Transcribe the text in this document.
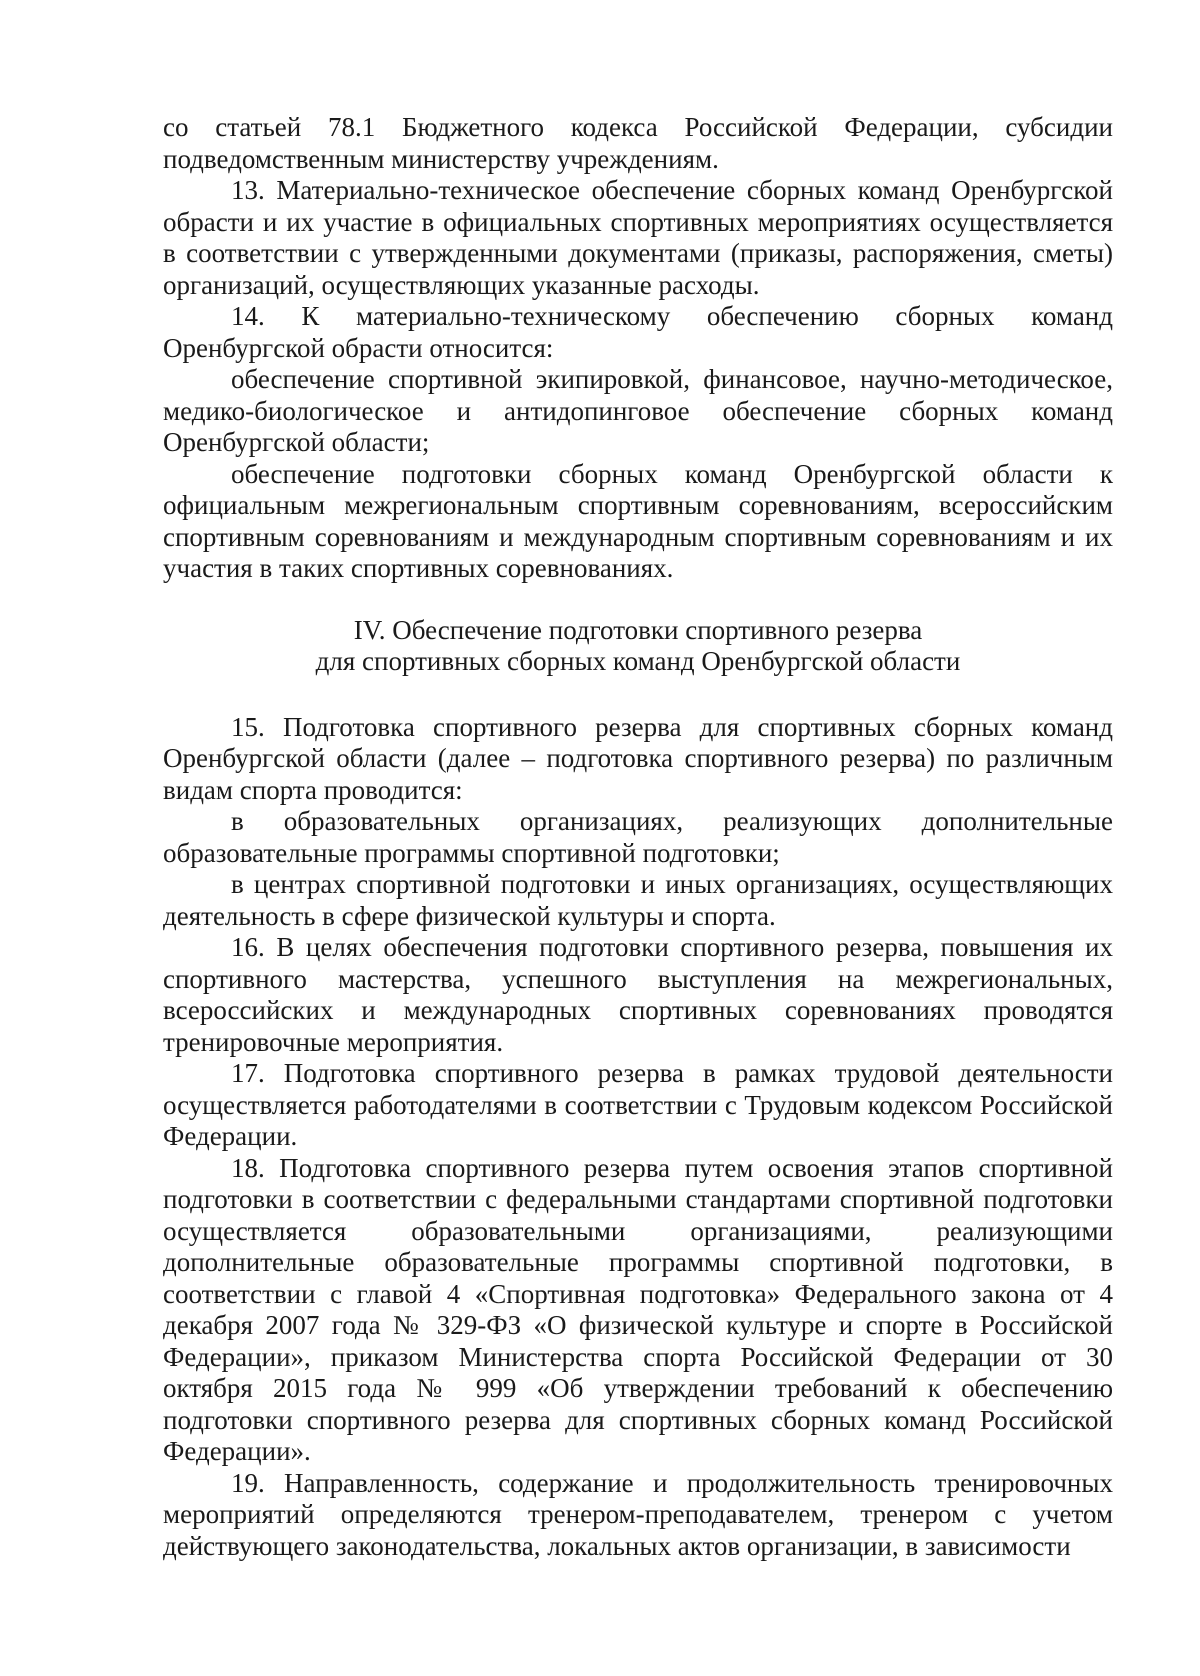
со статьей 78.1 Бюджетного кодекса Российской Федерации, субсидии подведомственным министерству учреждениям.

13. Материально-техническое обеспечение сборных команд Оренбургской обрасти и их участие в официальных спортивных мероприятиях осуществляется в соответствии с утвержденными документами (приказы, распоряжения, сметы) организаций, осуществляющих указанные расходы.

14. К материально-техническому обеспечению сборных команд Оренбургской обрасти относится:

обеспечение спортивной экипировкой, финансовое, научно-методическое, медико-биологическое и антидопинговое обеспечение сборных команд Оренбургской области;

обеспечение подготовки сборных команд Оренбургской области к официальным межрегиональным спортивным соревнованиям, всероссийским спортивным соревнованиям и международным спортивным соревнованиям и их участия в таких спортивных соревнованиях.

IV. Обеспечение подготовки спортивного резерва
для спортивных сборных команд Оренбургской области

15. Подготовка спортивного резерва для спортивных сборных команд Оренбургской области (далее – подготовка спортивного резерва) по различным видам спорта проводится:

в образовательных организациях, реализующих дополнительные образовательные программы спортивной подготовки;

в центрах спортивной подготовки и иных организациях, осуществляющих деятельность в сфере физической культуры и спорта.

16. В целях обеспечения подготовки спортивного резерва, повышения их спортивного мастерства, успешного выступления на межрегиональных, всероссийских и международных спортивных соревнованиях проводятся тренировочные мероприятия.

17. Подготовка спортивного резерва в рамках трудовой деятельности осуществляется работодателями в соответствии с Трудовым кодексом Российской Федерации.

18. Подготовка спортивного резерва путем освоения этапов спортивной подготовки в соответствии с федеральными стандартами спортивной подготовки осуществляется образовательными организациями, реализующими дополнительные образовательные программы спортивной подготовки, в соответствии с главой 4 «Спортивная подготовка» Федерального закона от 4 декабря 2007 года № 329-ФЗ «О физической культуре и спорте в Российской Федерации», приказом Министерства спорта Российской Федерации от 30 октября 2015 года № 999 «Об утверждении требований к обеспечению подготовки спортивного резерва для спортивных сборных команд Российской Федерации».

19. Направленность, содержание и продолжительность тренировочных мероприятий определяются тренером-преподавателем, тренером с учетом действующего законодательства, локальных актов организации, в зависимости
